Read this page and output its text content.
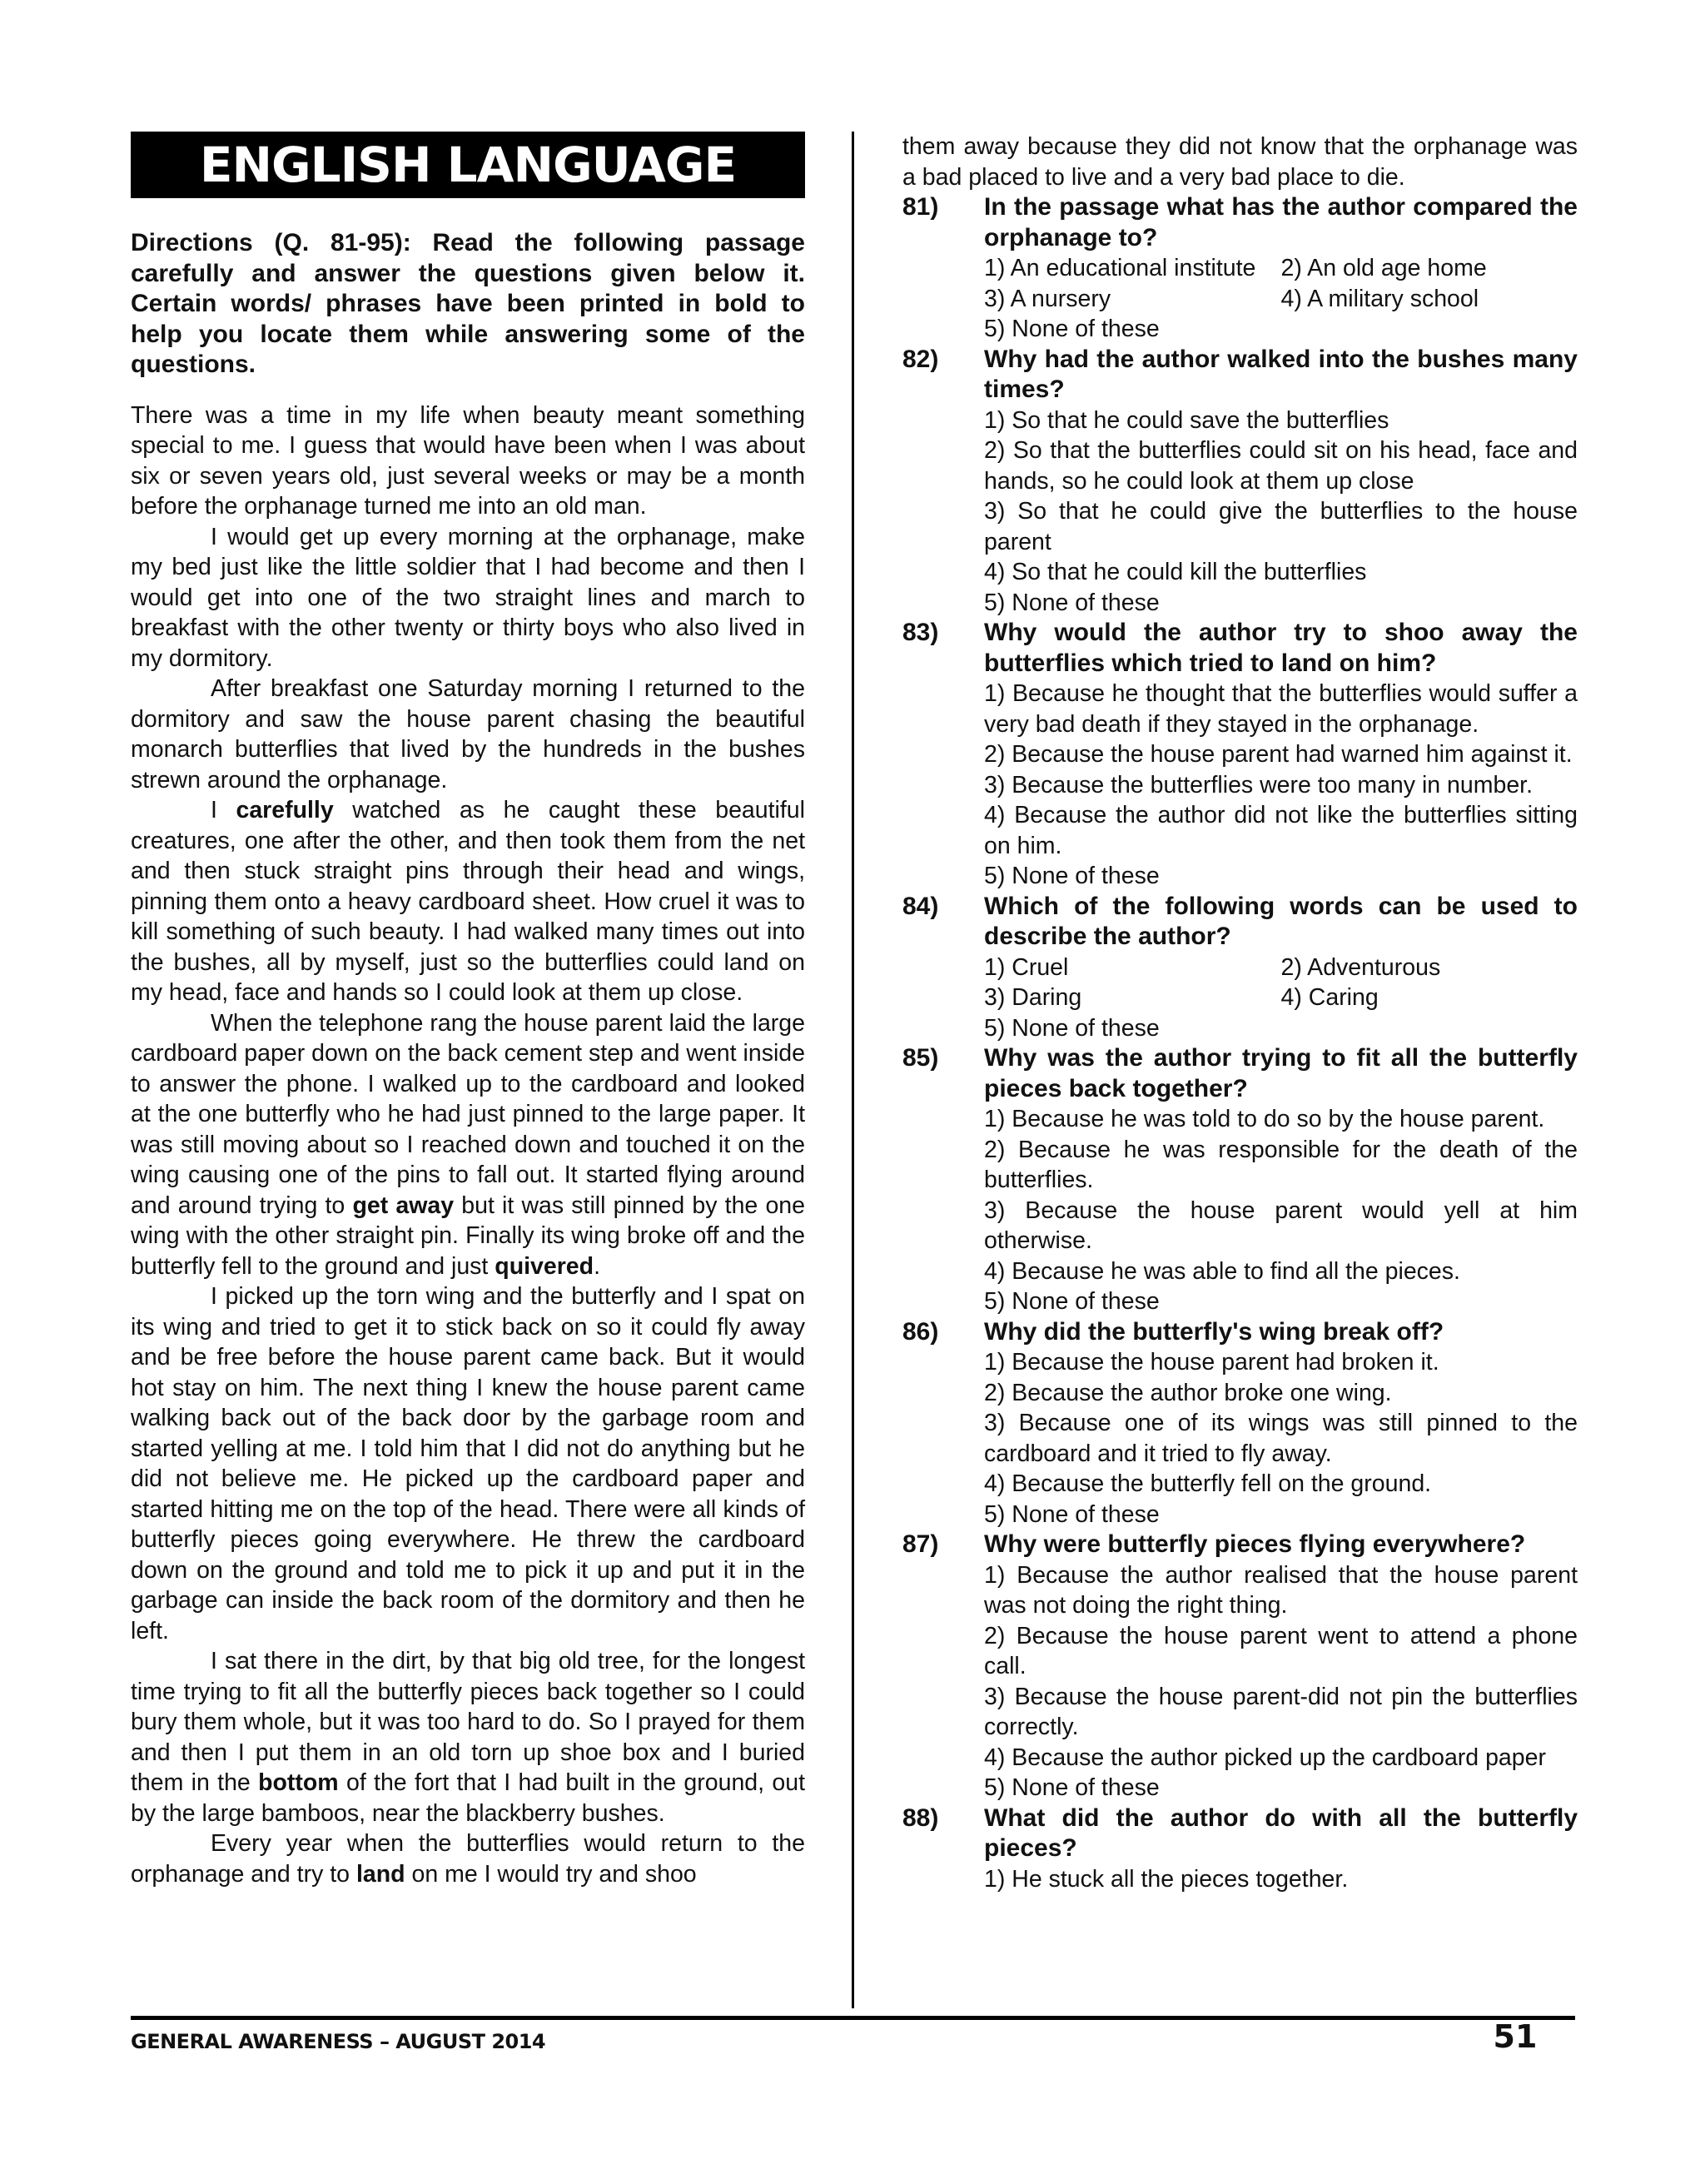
ENGLISH LANGUAGE

Directions (Q. 81-95): Read the following passage carefully and answer the questions given below it. Certain words/ phrases have been printed in bold to help you locate them while answering some of the questions.

There was a time in my life when beauty meant something special to me. I guess that would have been when I was about six or seven years old, just several weeks or may be a month before the orphanage turned me into an old man.

I would get up every morning at the orphanage, make my bed just like the little soldier that I had become and then I would get into one of the two straight lines and march to breakfast with the other twenty or thirty boys who also lived in my dormitory.

After breakfast one Saturday morning I returned to the dormitory and saw the house parent chasing the beautiful monarch butterflies that lived by the hundreds in the bushes strewn around the orphanage.

I carefully watched as he caught these beautiful creatures, one after the other, and then took them from the net and then stuck straight pins through their head and wings, pinning them onto a heavy cardboard sheet. How cruel it was to kill something of such beauty. I had walked many times out into the bushes, all by myself, just so the butterflies could land on my head, face and hands so I could look at them up close.

When the telephone rang the house parent laid the large cardboard paper down on the back cement step and went inside to answer the phone. I walked up to the cardboard and looked at the one butterfly who he had just pinned to the large paper. It was still moving about so I reached down and touched it on the wing causing one of the pins to fall out. It started flying around and around trying to get away but it was still pinned by the one wing with the other straight pin. Finally its wing broke off and the butterfly fell to the ground and just quivered.

I picked up the torn wing and the butterfly and I spat on its wing and tried to get it to stick back on so it could fly away and be free before the house parent came back. But it would hot stay on him. The next thing I knew the house parent came walking back out of the back door by the garbage room and started yelling at me. I told him that I did not do anything but he did not believe me. He picked up the cardboard paper and started hitting me on the top of the head. There were all kinds of butterfly pieces going everywhere. He threw the cardboard down on the ground and told me to pick it up and put it in the garbage can inside the back room of the dormitory and then he left.

I sat there in the dirt, by that big old tree, for the longest time trying to fit all the butterfly pieces back together so I could bury them whole, but it was too hard to do. So I prayed for them and then I put them in an old torn up shoe box and I buried them in the bottom of the fort that I had built in the ground, out by the large bamboos, near the blackberry bushes.

Every year when the butterflies would return to the orphanage and try to land on me I would try and shoo

them away because they did not know that the orphanage was a bad placed to live and a very bad place to die.

81)	In the passage what has the author compared the orphanage to?
1) An educational institute	2) An old age home
3) A nursery	4) A military school
5) None of these
82)	Why had the author walked into the bushes many times?
1) So that he could save the butterflies
2) So that the butterflies could sit on his head, face and hands, so he could look at them up close
3) So that he could give the butterflies to the house parent
4) So that he could kill the butterflies
5) None of these
83)	Why would the author try to shoo away the butterflies which tried to land on him?
1) Because he thought that the butterflies would suffer a very bad death if they stayed in the orphanage.
2) Because the house parent had warned him against it.
3) Because the butterflies were too many in number.
4) Because the author did not like the butterflies sitting on him.
5) None of these
84)	Which of the following words can be used to describe the author?
1) Cruel	2) Adventurous
3) Daring	4) Caring
5) None of these
85)	Why was the author trying to fit all the butterfly pieces back together?
1) Because he was told to do so by the house parent.
2) Because he was responsible for the death of the butterflies.
3) Because the house parent would yell at him otherwise.
4) Because he was able to find all the pieces.
5) None of these
86)	Why did the butterfly's wing break off?
1) Because the house parent had broken it.
2) Because the author broke one wing.
3) Because one of its wings was still pinned to the cardboard and it tried to fly away.
4) Because the butterfly fell on the ground.
5) None of these
87)	Why were butterfly pieces flying everywhere?
1) Because the author realised that the house parent was not doing the right thing.
2) Because the house parent went to attend a phone call.
3) Because the house parent-did not pin the butterflies correctly.
4) Because the author picked up the cardboard paper
5) None of these
88)	What did the author do with all the butterfly pieces?
1) He stuck all the pieces together.
GENERAL AWARENESS – AUGUST 2014	51
